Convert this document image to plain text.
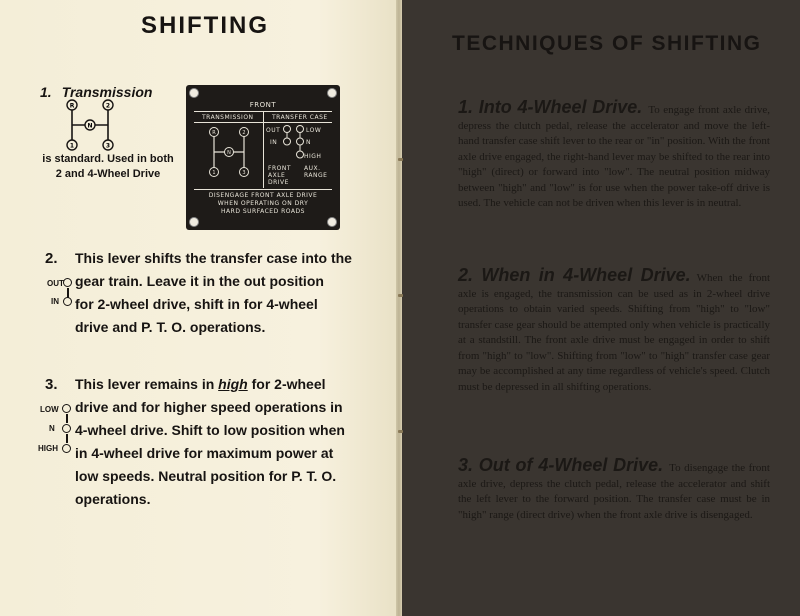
SHIFTING
1. Transmission
R	2
N
1	3
is standard. Used in both
2 and 4-Wheel Drive
FRONT
TRANSMISSION	TRANSFER CASE
R	2
N
1	3
OUT
IN
LOW
N
HIGH
FRONT
AXLE
DRIVE
AUX.
RANGE
DISENGAGE FRONT AXLE DRIVE
WHEN OPERATING ON DRY
HARD SURFACED ROADS
2. This lever shifts the transfer case into the
gear train. Leave it in the out position
for 2-wheel drive, shift in for 4-wheel
drive and P. T. O. operations.
OUT
IN
3. This lever remains in high for 2-wheel
drive and for higher speed operations in
4-wheel drive. Shift to low position when
in 4-wheel drive for maximum power at
low speeds. Neutral position for P. T. O.
operations.
LOW
N
HIGH
TECHNIQUES OF SHIFTING
1. Into 4-Wheel Drive. To engage front axle drive, depress the clutch pedal, release the accelerator and move the left-hand transfer case shift lever to the rear or "in" position. With the front axle drive engaged, the right-hand lever may be shifted to the rear into "high" (direct) or forward into "low". The neutral position midway between "high" and "low" is for use when the power take-off drive is used. The vehicle can not be driven when this lever is in neutral.
2. When in 4-Wheel Drive. When the front axle is engaged, the transmission can be used as in 2-wheel drive operations to obtain varied speeds. Shifting from "high" to "low" transfer case gear should be attempted only when vehicle is practically at a standstill. The front axle drive must be engaged in order to shift from "high" to "low". Shifting from "low" to "high" transfer case gear may be accomplished at any time regardless of vehicle's speed. Clutch must be depressed in all shifting operations.
3. Out of 4-Wheel Drive. To disengage the front axle drive, depress the clutch pedal, release the accelerator and shift the left lever to the forward position. The transfer case must be in "high" range (direct drive) when the front axle drive is disengaged.
